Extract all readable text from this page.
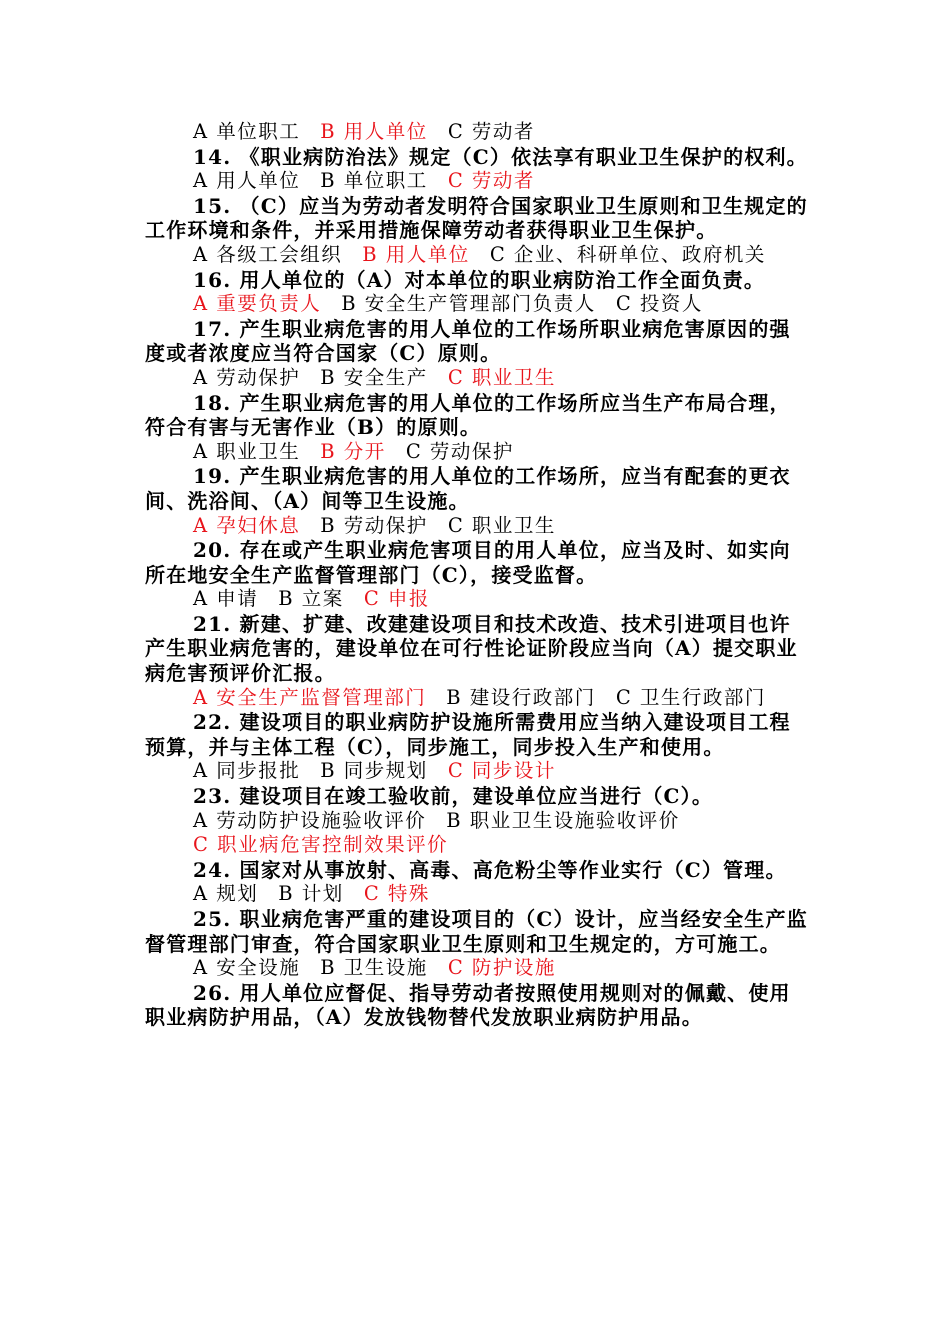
A 单位职工 B 用人单位 C 劳动者

14. 《职业病防治法》规定（C）依法享有职业卫生保护的权利。

A 用人单位 B 单位职工 C 劳动者

15. （C）应当为劳动者发明符合国家职业卫生原则和卫生规定的工作环境和条件，并采用措施保障劳动者获得职业卫生保护。

A 各级工会组织 B 用人单位 C 企业、科研单位、政府机关

16. 用人单位的（A）对本单位的职业病防治工作全面负责。

A 重要负责人 B 安全生产管理部门负责人 C 投资人

17. 产生职业病危害的用人单位的工作场所职业病危害原因的强度或者浓度应当符合国家（C）原则。

A 劳动保护 B 安全生产 C 职业卫生

18. 产生职业病危害的用人单位的工作场所应当生产布局合理，符合有害与无害作业（B）的原则。

A 职业卫生 B 分开 C 劳动保护

19. 产生职业病危害的用人单位的工作场所，应当有配套的更衣间、洗浴间、（A）间等卫生设施。

A 孕妇休息 B 劳动保护 C 职业卫生

20. 存在或产生职业病危害项目的用人单位，应当及时、如实向所在地安全生产监督管理部门（C），接受监督。

A 申请 B 立案 C 申报

21. 新建、扩建、改建建设项目和技术改造、技术引进项目也许产生职业病危害的，建设单位在可行性论证阶段应当向（A）提交职业病危害预评价汇报。

A 安全生产监督管理部门 B 建设行政部门 C 卫生行政部门

22. 建设项目的职业病防护设施所需费用应当纳入建设项目工程预算，并与主体工程（C），同步施工，同步投入生产和使用。

A 同步报批 B 同步规划 C 同步设计

23. 建设项目在竣工验收前，建设单位应当进行（C）。

A 劳动防护设施验收评价 B 职业卫生设施验收评价

C 职业病危害控制效果评价

24. 国家对从事放射、高毒、高危粉尘等作业实行（C）管理。

A 规划 B 计划 C 特殊

25. 职业病危害严重的建设项目的（C）设计，应当经安全生产监督管理部门审查，符合国家职业卫生原则和卫生规定的，方可施工。

A 安全设施 B 卫生设施 C 防护设施

26. 用人单位应督促、指导劳动者按照使用规则对的佩戴、使用职业病防护用品，（A）发放钱物替代发放职业病防护用品。
